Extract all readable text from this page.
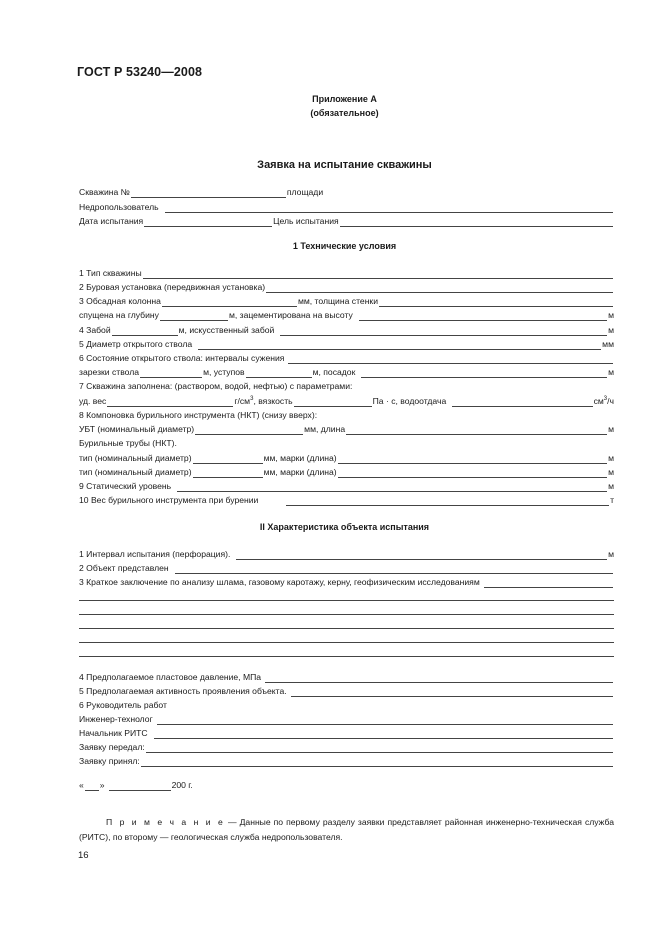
ГОСТ Р 53240—2008
Приложение А
(обязательное)
Заявка на испытание скважины
Скважина №	площади
Недропользователь
Дата испытания	Цель испытания
1 Технические условия
1 Тип скважины
2 Буровая установка (передвижная установка)
3 Обсадная колонна	мм, толщина стенки
спущена на глубину	м, зацементирована на высоту	м
4 Забой	м, искусственный забой	м
5 Диаметр открытого ствола	мм
6 Состояние открытого ствола: интервалы сужения
зарезки ствола	м, уступов	м, посадок	м
7 Скважина заполнена: (раствором, водой, нефтью) с параметрами:
уд. вес	$г/см^3$, вязкость	Па · с, водоотдача	$см^3/ч$
8 Компоновка бурильного инструмента (НКТ) (снизу вверх):
УБТ (номинальный диаметр)	мм, длина	м
Бурильные трубы (НКТ).
тип (номинальный диаметр)	мм, марки (длина)	м
тип (номинальный диаметр)	мм, марки (длина)	м
9 Статический уровень	м
10 Вес бурильного инструмента при бурении	т
II Характеристика объекта испытания
1 Интервал испытания (перфорация).	м
2 Объект представлен
3 Краткое заключение по анализу шлама, газовому каротажу, керну, геофизическим исследованиям
4 Предполагаемое пластовое давление, МПа
5 Предполагаемая активность проявления объекта.
6 Руководитель работ
Инженер-технолог
Начальник РИТС
Заявку передал:
Заявку принял:
« »	200 г.
П р и м е ч а н и е — Данные по первому разделу заявки представляет районная инженерно-техническая служба (РИТС), по второму — геологическая служба недропользователя.
16
